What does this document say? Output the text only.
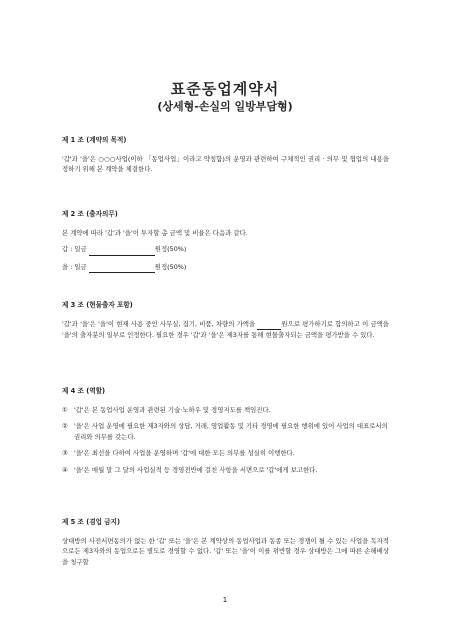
표준동업계약서
(상세형-손실의 일방부담형)
제 1 조 (계약의 목적)

'갑'과 '을'은 ○○○사업(이하 「동업사업」이라고 약칭함)의 운영과 관련하여 구체적인 권리 · 의무 및 협업의 내용을 정하기 위해 본 계약을 체결한다.

제 2 조 (출자의무)
본 계약에 따라 '갑'과 '을'이 투자할 총 금액 및 비율은 다음과 같다.
갑 : 일금	원정(50%)
을 : 일금	원정(50%)
제 3 조 (현물출자 포함)

'갑'과 '을'은 '을'이 현재 사용 중인 사무실, 집기, 비품, 차량의 가액을	원으로 평가하기로 합의하고 이 금액을 '을'의 출자분의 일부로 인정한다. 필요한 경우 '갑'과 '을'은 제3자를 통해 현물출자되는 금액을 평가받을 수 있다.

제 4 조 (역할)
① '갑'은 본 동업사업 운영과 관련된 기술·노하우 및 경영지도를 책임진다.
② '을'은 사업 운영에 필요한 제3자와의 상담, 거래, 영업활동 및 기타 경영에 필요한 행위에 있어 사업의 대표로서의 권리와 의무를 갖는다.
③ '을'은 최선을 다하여 사업을 운영하며 '갑'에 대한 모든 의무를 성실히 이행한다.
④ '을'은 매월 말 그 달의 사업실적 등 경영전반에 걸친 사항을 서면으로 '갑'에게 보고한다.
제 5 조 (겸업 금지)

상대방의 사전서면동의가 없는 한 '갑' 또는 '을'은 본 계약상의 동업사업과 동종 또는 경쟁이 될 수 있는 사업을 독자적으로든 제3자와의 동업으로든 별도로 경영할 수 없다. '갑' 또는 '을'이 이를 위반할 경우 상대방은 그에 따른 손해배상을 청구할

1
